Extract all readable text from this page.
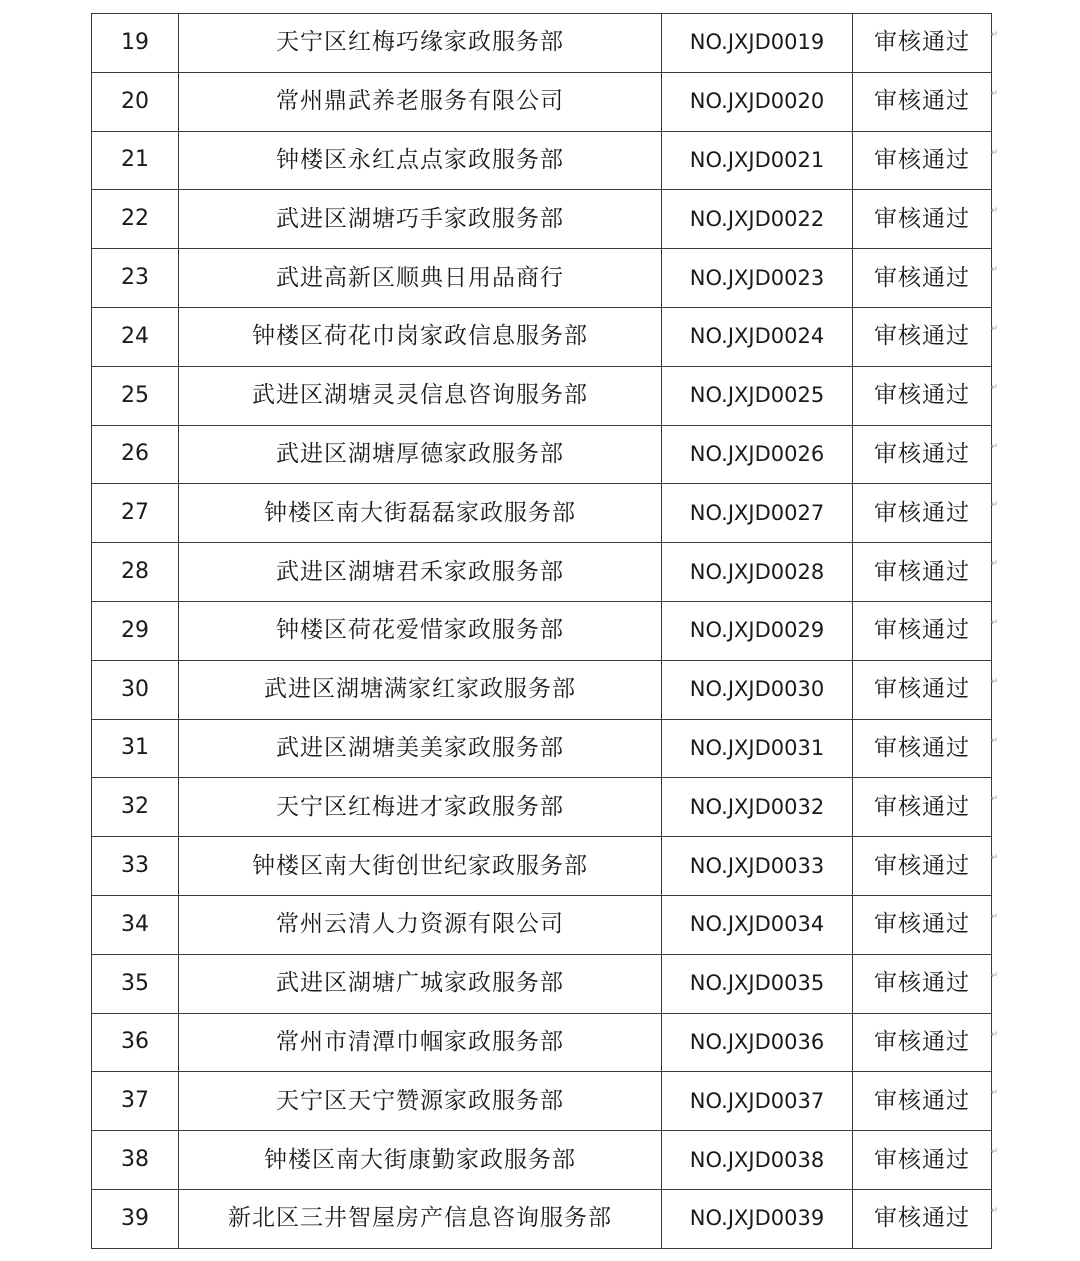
19	天宁区红梅巧缘家政服务部	NO.JXJD0019	审核通过 ↵

20	常州鼎武养老服务有限公司	NO.JXJD0020	审核通过 ↵

21	钟楼区永红点点家政服务部	NO.JXJD0021	审核通过 ↵

22	武进区湖塘巧手家政服务部	NO.JXJD0022	审核通过 ↵

23	武进高新区顺典日用品商行	NO.JXJD0023	审核通过 ↵

24	钟楼区荷花巾岗家政信息服务部	NO.JXJD0024	审核通过 ↵

25	武进区湖塘灵灵信息咨询服务部	NO.JXJD0025	审核通过 ↵

26	武进区湖塘厚德家政服务部	NO.JXJD0026	审核通过 ↵

27	钟楼区南大街磊磊家政服务部	NO.JXJD0027	审核通过 ↵

28	武进区湖塘君禾家政服务部	NO.JXJD0028	审核通过 ↵

29	钟楼区荷花爱惜家政服务部	NO.JXJD0029	审核通过 ↵

30	武进区湖塘满家红家政服务部	NO.JXJD0030	审核通过 ↵

31	武进区湖塘美美家政服务部	NO.JXJD0031	审核通过 ↵

32	天宁区红梅进才家政服务部	NO.JXJD0032	审核通过 ↵

33	钟楼区南大街创世纪家政服务部	NO.JXJD0033	审核通过 ↵

34	常州云清人力资源有限公司	NO.JXJD0034	审核通过 ↵

35	武进区湖塘广城家政服务部	NO.JXJD0035	审核通过 ↵

36	常州市清潭巾帼家政服务部	NO.JXJD0036	审核通过 ↵

37	天宁区天宁赞源家政服务部	NO.JXJD0037	审核通过 ↵

38	钟楼区南大街康勤家政服务部	NO.JXJD0038	审核通过 ↵

39	新北区三井智屋房产信息咨询服务部	NO.JXJD0039	审核通过 ↵
